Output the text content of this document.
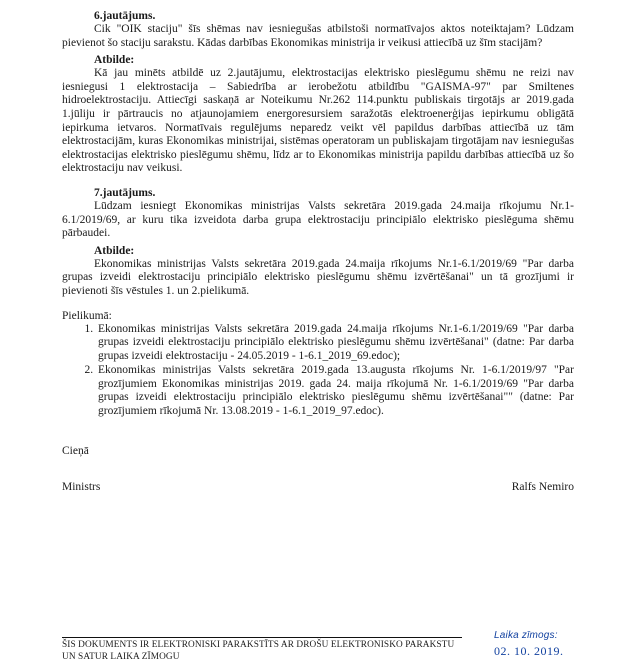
6.jautājums.

Cik "OIK staciju" šīs shēmas nav iesniegušas atbilstoši normatīvajos aktos noteiktajam? Lūdzam pievienot šo staciju sarakstu. Kādas darbības Ekonomikas ministrija ir veikusi attiecībā uz šīm stacijām?

Atbilde:

Kā jau minēts atbildē uz 2.jautājumu, elektrostacijas elektrisko pieslēgumu shēmu ne reizi nav iesniegusi 1 elektrostacija – Sabiedrība ar ierobežotu atbildību "GAISMA-97" par Smiltenes hidroelektrostaciju. Attiecīgi saskaņā ar Noteikumu Nr.262 114.punktu publiskais tirgotājs ar 2019.gada 1.jūliju ir pārtraucis no atjaunojamiem energoresursiem saražotās elektroenerģijas iepirkumu obligātā iepirkuma ietvaros. Normatīvais regulējums neparedz veikt vēl papildus darbības attiecībā uz tām elektrostacijām, kuras Ekonomikas ministrijai, sistēmas operatoram un publiskajam tirgotājam nav iesniegušas elektrostacijas elektrisko pieslēgumu shēmu, līdz ar to Ekonomikas ministrija papildu darbības attiecībā uz šo elektrostaciju nav veikusi.

7.jautājums.

Lūdzam iesniegt Ekonomikas ministrijas Valsts sekretāra 2019.gada 24.maija rīkojumu Nr.1-6.1/2019/69, ar kuru tika izveidota darba grupa elektrostaciju principiālo elektrisko pieslēguma shēmu pārbaudei.

Atbilde:

Ekonomikas ministrijas Valsts sekretāra 2019.gada 24.maija rīkojums Nr.1-6.1/2019/69 "Par darba grupas izveidi elektrostaciju principiālo elektrisko pieslēgumu shēmu izvērtēšanai" un tā grozījumi ir pievienoti šīs vēstules 1. un 2.pielikumā.

Pielikumā:

1. Ekonomikas ministrijas Valsts sekretāra 2019.gada 24.maija rīkojums Nr.1-6.1/2019/69 "Par darba grupas izveidi elektrostaciju principiālo elektrisko pieslēgumu shēmu izvērtēšanai" (datne: Par darba grupas izveidi elektrostaciju - 24.05.2019 - 1-6.1_2019_69.edoc);
2. Ekonomikas ministrijas Valsts sekretāra 2019.gada 13.augusta rīkojums Nr. 1-6.1/2019/97 "Par grozījumiem Ekonomikas ministrijas 2019. gada 24. maija rīkojumā Nr. 1-6.1/2019/69 "Par darba grupas izveidi elektrostaciju principiālo elektrisko pieslēgumu shēmu izvērtēšanai"" (datne: Par grozījumiem rīkojumā Nr. 13.08.2019 - 1-6.1_2019_97.edoc).

Cieņā

Ministrs	Ralfs Nemiro
ŠIS DOKUMENTS IR ELEKTRONISKI PARAKSTĪTS AR DROŠU ELEKTRONISKO PARAKSTU UN SATUR LAIKA ZĪMOGU
Laika zīmogs:
02. 10. 2019.
